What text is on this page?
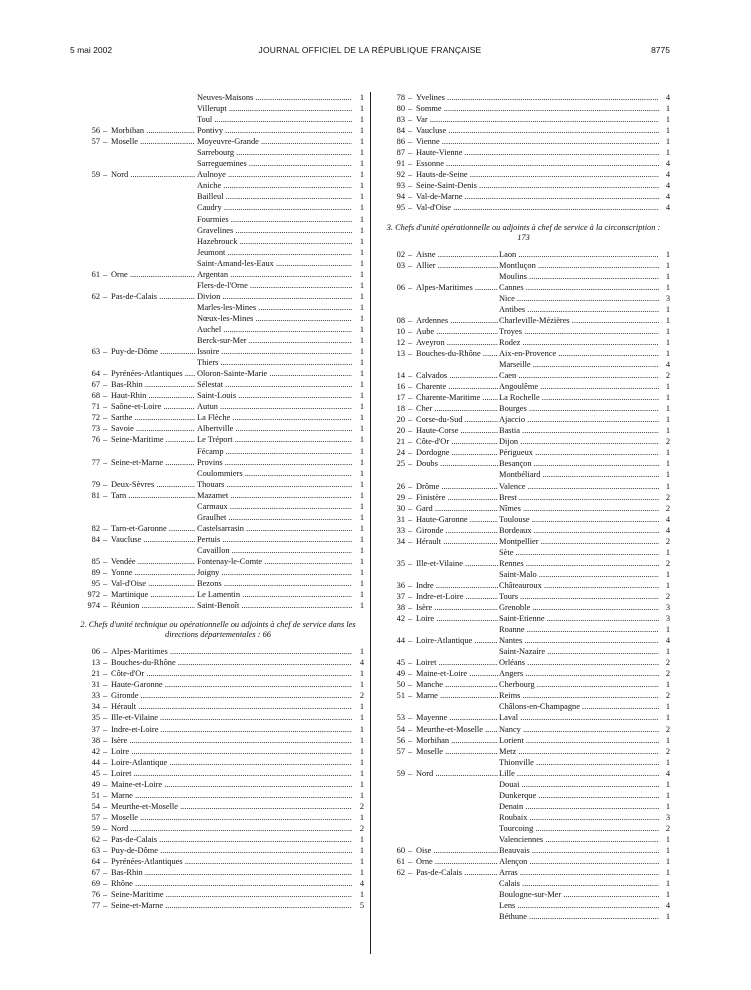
5 mai 2002	JOURNAL OFFICIEL DE LA RÉPUBLIQUE FRANÇAISE	8775
Neuves-Maisons .....	1
Villerupt .....	1
Toul .....	1
56 – Morbihan .....	Pontivy .....	1
57 – Moselle .....	Moyeuvre-Grande .....	1
Sarrebourg .....	1
Sarreguemines .....	1
59 – Nord .....	Aulnoye .....	1
Aniche .....	1
Bailleul .....	1
Caudry .....	1
Fourmies .....	1
Gravelines .....	1
Hazebrouck .....	1
Jeumont .....	1
Saint-Amand-les-Eaux .....	1
61 – Orne .....	Argentan .....	1
Flers-de-l'Orne .....	1
62 – Pas-de-Calais .....	Divion .....	1
Marles-les-Mines .....	1
Nœux-les-Mines .....	1
Auchel .....	1
Berck-sur-Mer .....	1
63 – Puy-de-Dôme .....	Issoire .....	1
Thiers .....	1
64 – Pyrénées-Atlantiques .....	Oloron-Sainte-Marie .....	1
67 – Bas-Rhin .....	Sélestat .....	1
68 – Haut-Rhin .....	Saint-Louis .....	1
71 – Saône-et-Loire .....	Autun .....	1
72 – Sarthe .....	La Flèche .....	1
73 – Savoie .....	Albertville .....	1
76 – Seine-Maritime .....	Le Tréport .....	1
Fécamp .....	1
77 – Seine-et-Marne .....	Provins .....	1
Coulommiers .....	1
79 – Deux-Sèvres .....	Thouars .....	1
81 – Tarn .....	Mazamet .....	1
Carmaux .....	1
Graulhet .....	1
82 – Tarn-et-Garonne .....	Castelsarrasin .....	1
84 – Vaucluse .....	Pertuis .....	1
Cavaillon .....	1
85 – Vendée .....	Fontenay-le-Comte .....	1
89 – Yonne .....	Joigny .....	1
95 – Val-d'Oise .....	Bezons .....	1
972 – Martinique .....	Le Lamentin .....	1
974 – Réunion .....	Saint-Benoît .....	1
2. Chefs d'unité technique ou opérationnelle ou adjoints à chef de service dans les directions départementales : 66
06 – Alpes-Maritimes .....	1
13 – Bouches-du-Rhône .....	4
21 – Côte-d'Or .....	1
31 – Haute-Garonne .....	1
33 – Gironde .....	2
34 – Hérault .....	1
35 – Ille-et-Vilaine .....	1
37 – Indre-et-Loire .....	1
38 – Isère .....	1
42 – Loire .....	1
44 – Loire-Atlantique .....	1
45 – Loiret .....	1
49 – Maine-et-Loire .....	1
51 – Marne .....	1
54 – Meurthe-et-Moselle .....	2
57 – Moselle .....	1
59 – Nord .....	2
62 – Pas-de-Calais .....	1
63 – Puy-de-Dôme .....	1
64 – Pyrénées-Atlantiques .....	1
67 – Bas-Rhin .....	1
69 – Rhône .....	4
76 – Seine-Maritime .....	1
77 – Seine-et-Marne .....	5
78 – Yvelines .....	4
80 – Somme .....	1
83 – Var .....	1
84 – Vaucluse .....	1
86 – Vienne .....	1
87 – Haute-Vienne .....	1
91 – Essonne .....	4
92 – Hauts-de-Seine .....	4
93 – Seine-Saint-Denis .....	4
94 – Val-de-Marne .....	4
95 – Val-d'Oise .....	4
3. Chefs d'unité opérationnelle ou adjoints à chef de service à la circonscription : 173
02 – Aisne .....	Laon .....	1
03 – Allier .....	Montluçon .....	1
Moulins .....	1
06 – Alpes-Maritimes .....	Cannes .....	1
Nice .....	3
Antibes .....	1
08 – Ardennes .....	Charleville-Mézières .....	1
10 – Aube .....	Troyes .....	1
12 – Aveyron .....	Rodez .....	1
13 – Bouches-du-Rhône .....	Aix-en-Provence .....	1
Marseille .....	4
14 – Calvados .....	Caen .....	2
16 – Charente .....	Angoulême .....	1
17 – Charente-Maritime .....	La Rochelle .....	1
18 – Cher .....	Bourges .....	1
20 – Corse-du-Sud .....	Ajaccio .....	1
20 – Haute-Corse .....	Bastia .....	1
21 – Côte-d'Or .....	Dijon .....	2
24 – Dordogne .....	Périgueux .....	1
25 – Doubs .....	Besançon .....	1
Montbéliard .....	1
26 – Drôme .....	Valence .....	1
29 – Finistère .....	Brest .....	2
30 – Gard .....	Nîmes .....	2
31 – Haute-Garonne .....	Toulouse .....	4
33 – Gironde .....	Bordeaux .....	4
34 – Hérault .....	Montpellier .....	2
Sète .....	1
35 – Ille-et-Vilaine .....	Rennes .....	2
Saint-Malo .....	1
36 – Indre .....	Châteauroux .....	1
37 – Indre-et-Loire .....	Tours .....	2
38 – Isère .....	Grenoble .....	3
42 – Loire .....	Saint-Etienne .....	3
Roanne .....	1
44 – Loire-Atlantique .....	Nantes .....	4
Saint-Nazaire .....	1
45 – Loiret .....	Orléans .....	2
49 – Maine-et-Loire .....	Angers .....	2
50 – Manche .....	Cherbourg .....	1
51 – Marne .....	Reims .....	2
Châlons-en-Champagne .....	1
53 – Mayenne .....	Laval .....	1
54 – Meurthe-et-Moselle .....	Nancy .....	2
56 – Morbihan .....	Lorient .....	1
57 – Moselle .....	Metz .....	2
Thionville .....	1
59 – Nord .....	Lille .....	4
Douai .....	1
Dunkerque .....	1
Denain .....	1
Roubaix .....	3
Tourcoing .....	2
Valenciennes .....	1
60 – Oise .....	Beauvais .....	1
61 – Orne .....	Alençon .....	1
62 – Pas-de-Calais .....	Arras .....	1
Calais .....	1
Boulogne-sur-Mer .....	1
Lens .....	4
Béthune .....	1
